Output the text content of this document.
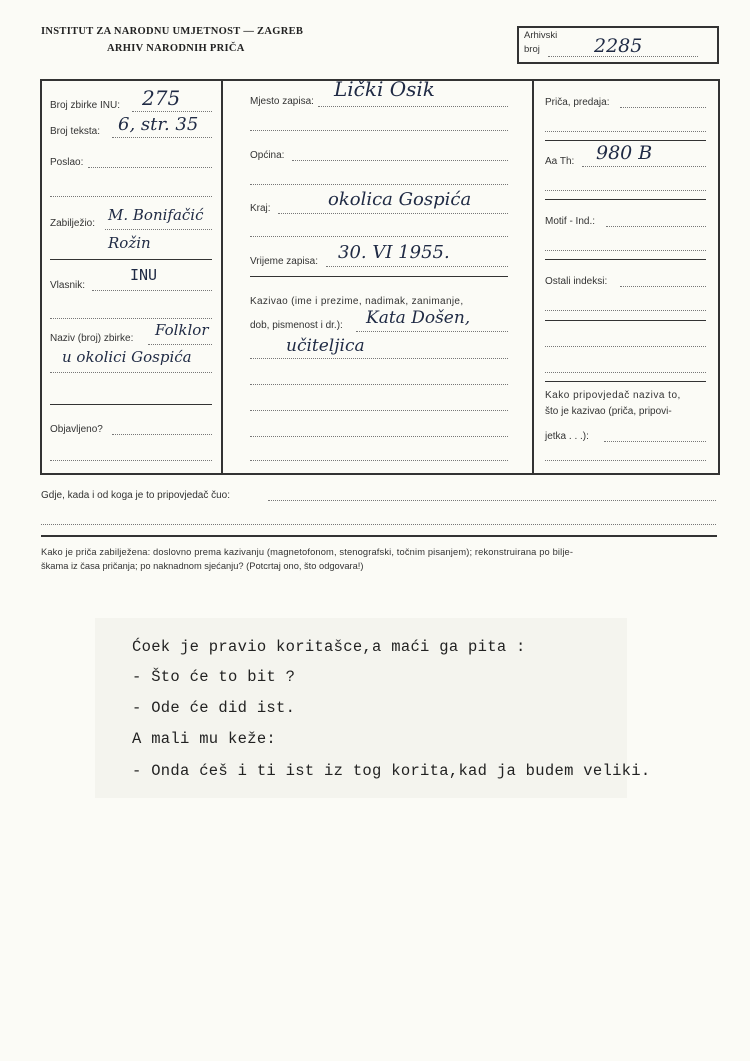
INSTITUT ZA NARODNU UMJETNOST — ZAGREB
ARHIV NARODNIH PRIČA
Arhivski
broj	2285
Broj zbirke INU: 275
Broj teksta: 6, str. 35
Poslao:
Zabilježio: M. Bonifačić
Rožin
Vlasnik:
INU
Naziv (broj) zbirke: Folklor
u okolici Gospića
Objavljeno?
Mjesto zapisa:
Lički Osik
Općina:
Kraj:	okolica Gospića
Vrijeme zapisa: 30. VI 1955.
Kazivao (ime i prezime, nadimak, zanimanje,
dob, pismenost i dr.): Kata Došen,
učiteljica
Priča, predaja:
Aa Th: 980 B
Motif - Ind.:
Ostali indeksi:
Kako pripovjedač naziva to,
što je kazivao (priča, pripovi-
jetka . . .):
Gdje, kada i od koga je to pripovjedač čuo:
Kako je priča zabilježena: doslovno prema kazivanju (magnetofonom, stenografski, točnim pisanjem); rekonstruirana po bilje-
škama iz časa pričanja; po naknadnom sjećanju? (Potcrtaj ono, što odgovara!)
Ćoek je pravio koritašce,a maći ga pita :
- Što će to bit ?
- Ode će did ist.
A mali mu keže:
- Onda ćeš i ti ist iz tog korita,kad ja budem veliki.
